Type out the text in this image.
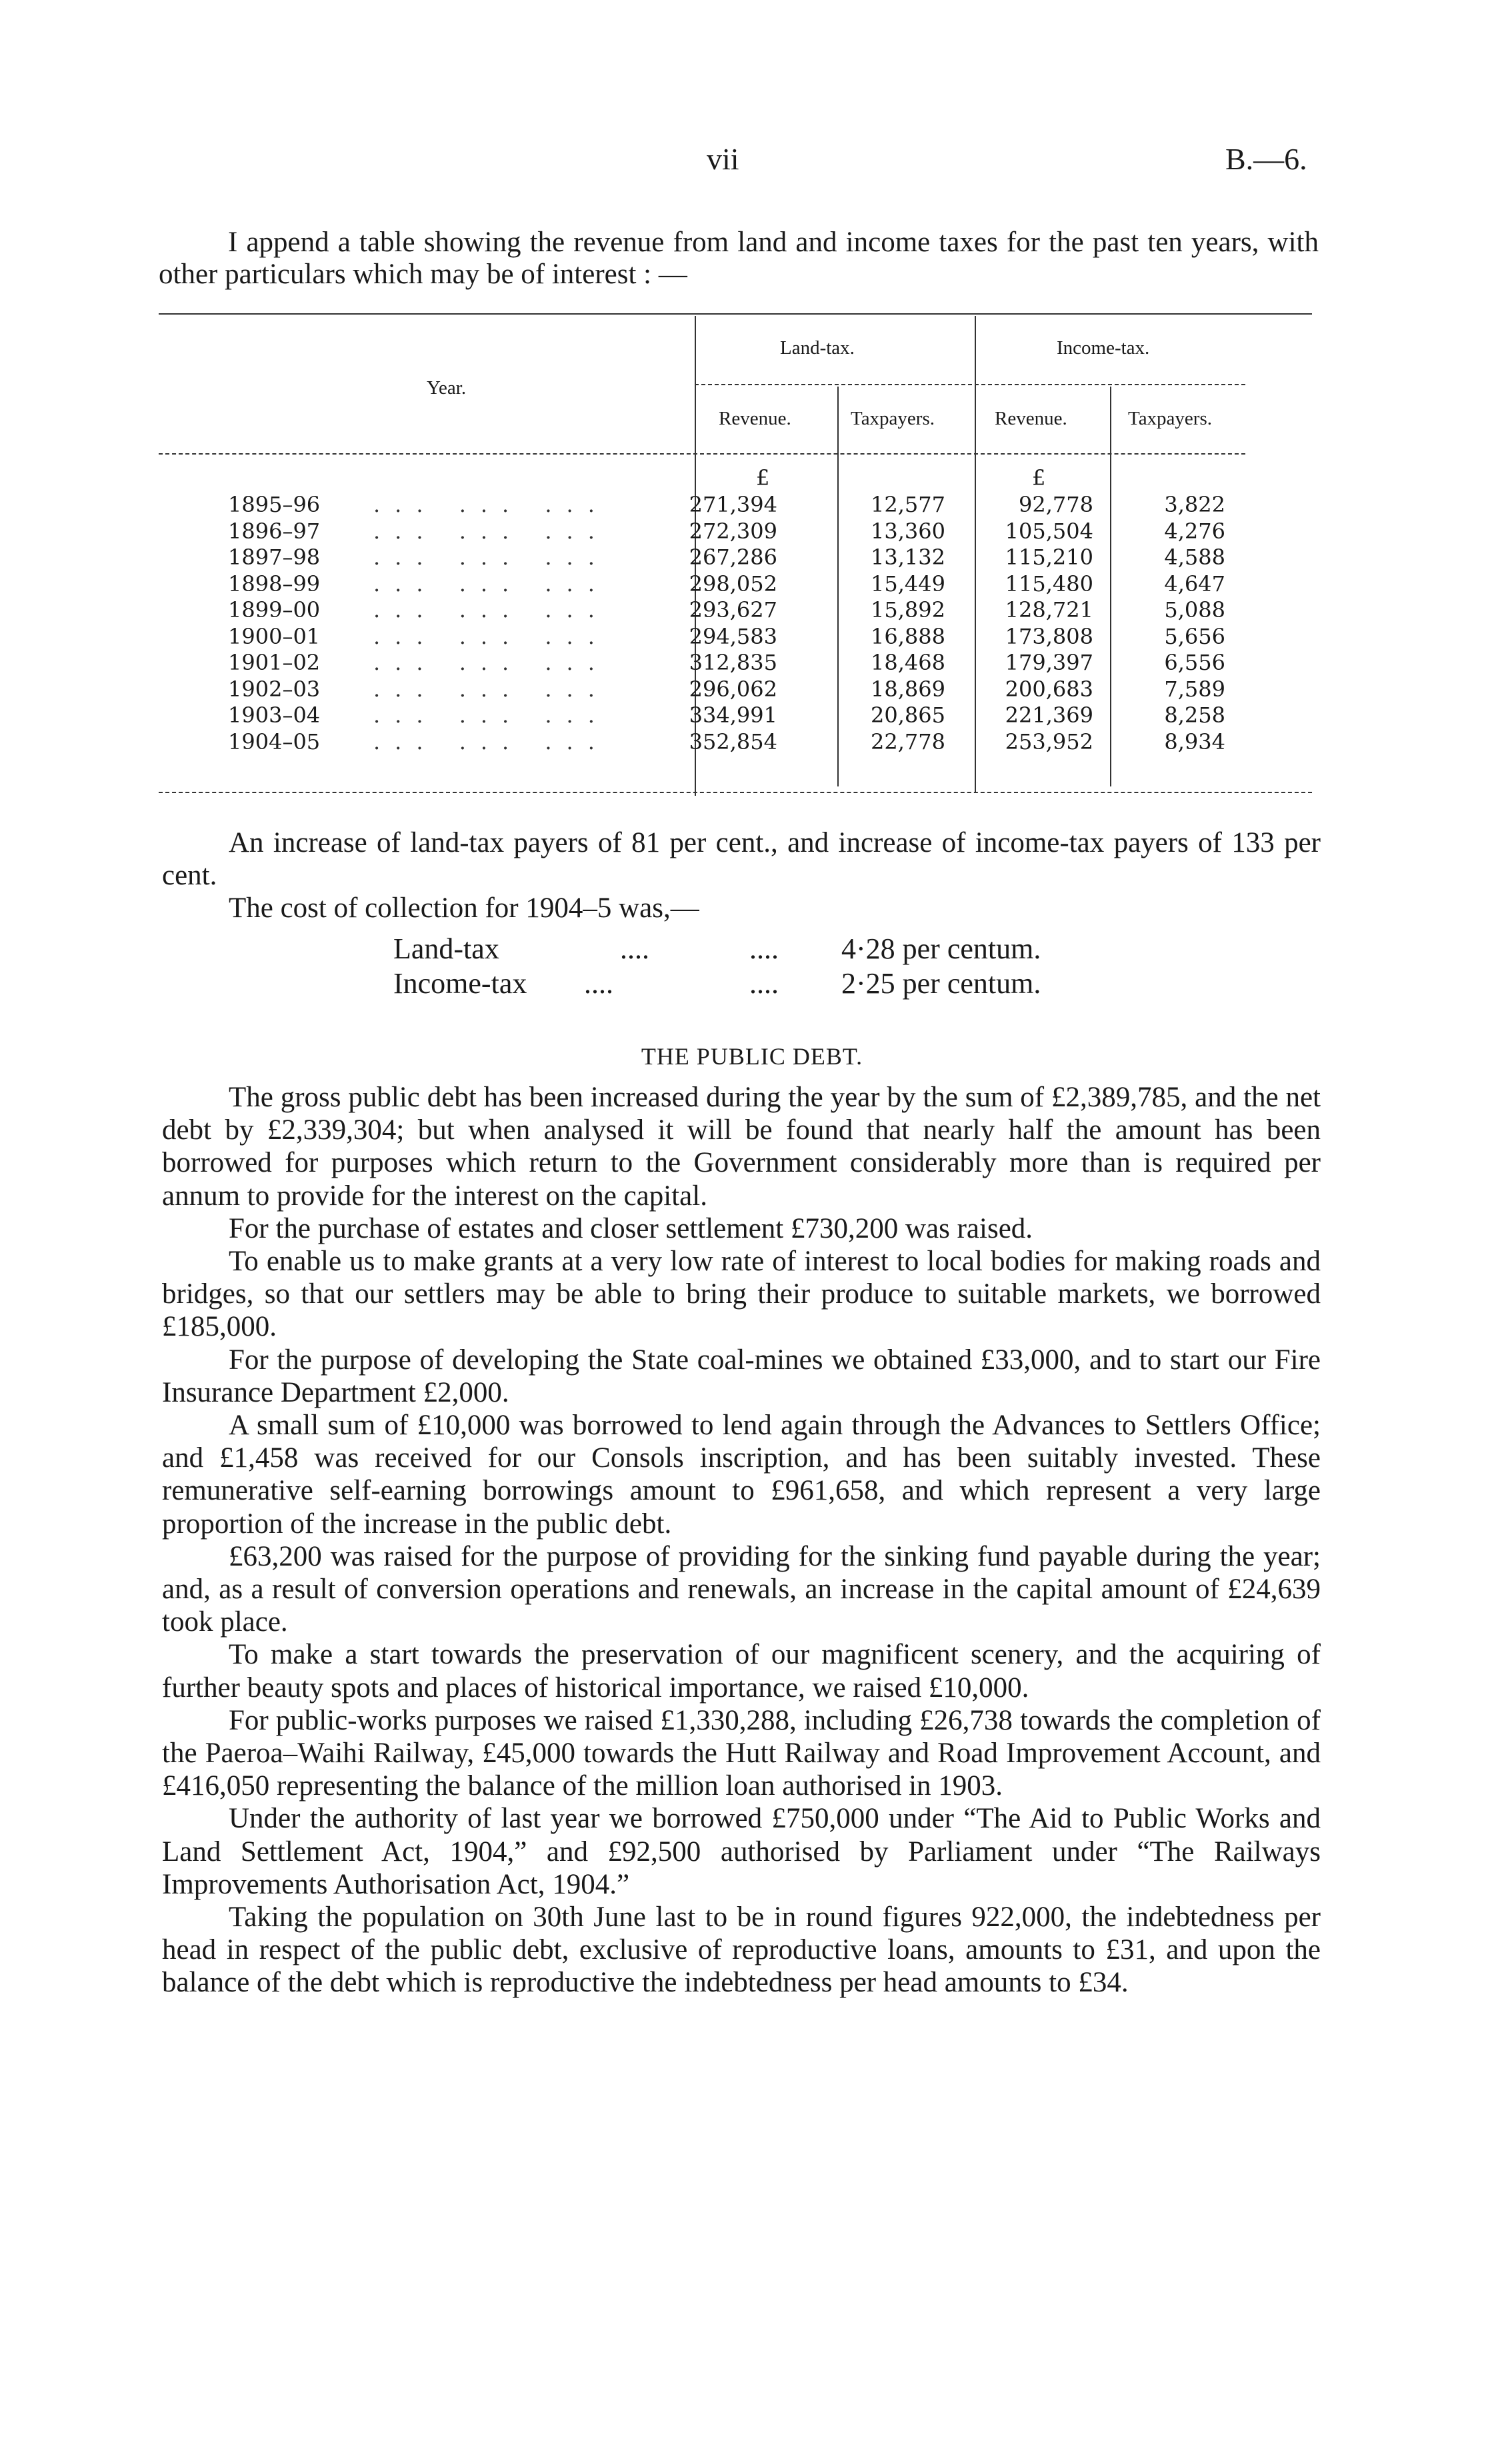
vii	B.—6.
I append a table showing the revenue from land and income taxes for the past ten years, with other particulars which may be of interest : —
Year.
Land-tax.	Income-tax.
Revenue.	Taxpayers.	Revenue.	Taxpayers.
£	£
1895–96 ... ... ...	271,394	12,577	92,778	3,822
1896–97 ... ... ...	272,309	13,360	105,504	4,276
1897–98 ... ... ...	267,286	13,132	115,210	4,588
1898–99 ... ... ...	298,052	15,449	115,480	4,647
1899–00 ... ... ...	293,627	15,892	128,721	5,088
1900–01 ... ... ...	294,583	16,888	173,808	5,656
1901–02 ... ... ...	312,835	18,468	179,397	6,556
1902–03 ... ... ...	296,062	18,869	200,683	7,589
1903–04 ... ... ...	334,991	20,865	221,369	8,258
1904–05 ... ... ...	352,854	22,778	253,952	8,934

An increase of land-tax payers of 81 per cent., and increase of income-tax payers of 133 per cent.

The cost of collection for 1904–5 was,—

Land-tax	....	.... 4·28 per centum.
Income-tax ....	.... 2·25 per centum.
THE PUBLIC DEBT.

The gross public debt has been increased during the year by the sum of £2,389,785, and the net debt by £2,339,304; but when analysed it will be found that nearly half the amount has been borrowed for purposes which return to the Government considerably more than is required per annum to provide for the interest on the capital.

For the purchase of estates and closer settlement £730,200 was raised.

To enable us to make grants at a very low rate of interest to local bodies for making roads and bridges, so that our settlers may be able to bring their produce to suitable markets, we borrowed £185,000.

For the purpose of developing the State coal-mines we obtained £33,000, and to start our Fire Insurance Department £2,000.

A small sum of £10,000 was borrowed to lend again through the Advances to Settlers Office; and £1,458 was received for our Consols inscription, and has been suitably invested. These remunerative self-earning borrowings amount to £961,658, and which represent a very large proportion of the increase in the public debt.

£63,200 was raised for the purpose of providing for the sinking fund payable during the year; and, as a result of conversion operations and renewals, an increase in the capital amount of £24,639 took place.

To make a start towards the preservation of our magnificent scenery, and the acquiring of further beauty spots and places of historical importance, we raised £10,000.

For public-works purposes we raised £1,330,288, including £26,738 towards the completion of the Paeroa–Waihi Railway, £45,000 towards the Hutt Railway and Road Improvement Account, and £416,050 representing the balance of the million loan authorised in 1903.

Under the authority of last year we borrowed £750,000 under “The Aid to Public Works and Land Settlement Act, 1904,” and £92,500 authorised by Parliament under “The Railways Improvements Authorisation Act, 1904.”

Taking the population on 30th June last to be in round figures 922,000, the indebtedness per head in respect of the public debt, exclusive of reproductive loans, amounts to £31, and upon the balance of the debt which is reproductive the indebtedness per head amounts to £34.
